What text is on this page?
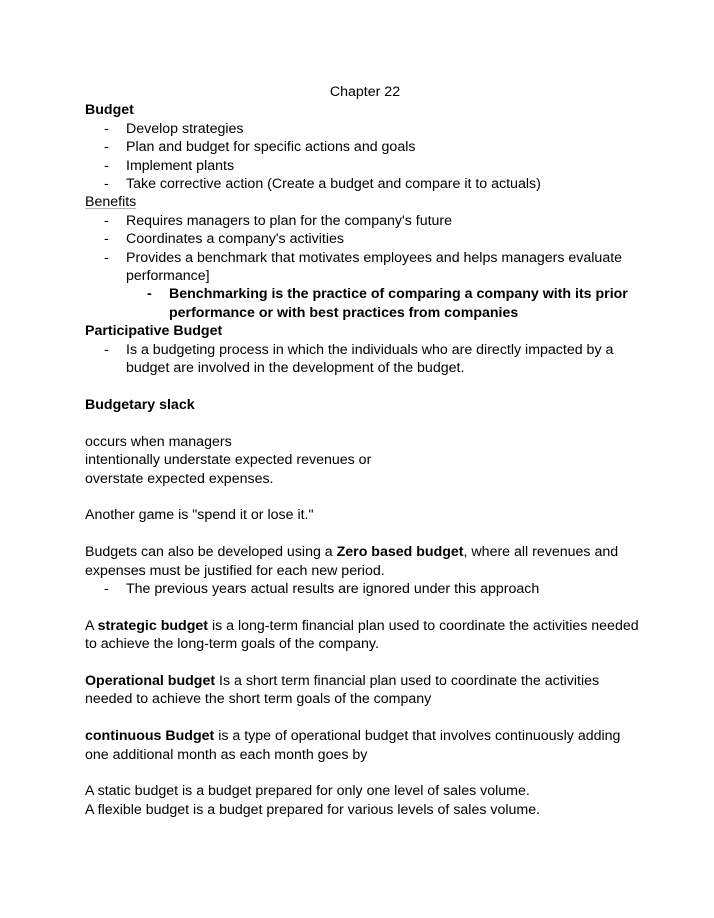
Chapter 22

Budget

- Develop strategies
- Plan and budget for specific actions and goals
- Implement plants
- Take corrective action (Create a budget and compare it to actuals)

Benefits

- Requires managers to plan for the company's future
- Coordinates a company's activities
- Provides a benchmark that motivates employees and helps managers evaluate performance]
- Benchmarking is the practice of comparing a company with its prior performance or with best practices from companies

Participative Budget

- Is a budgeting process in which the individuals who are directly impacted by a budget are involved in the development of the budget.

Budgetary slack

occurs when managers

intentionally understate expected revenues or

overstate expected expenses.

Another game is "spend it or lose it."

Budgets can also be developed using a Zero based budget, where all revenues and expenses must be justified for each new period.

- The previous years actual results are ignored under this approach

A strategic budget is a long-term financial plan used to coordinate the activities needed to achieve the long-term goals of the company.

Operational budget Is a short term financial plan used to coordinate the activities needed to achieve the short term goals of the company

continuous Budget is a type of operational budget that involves continuously adding one additional month as each month goes by

A static budget is a budget prepared for only one level of sales volume.

A flexible budget is a budget prepared for various levels of sales volume.
